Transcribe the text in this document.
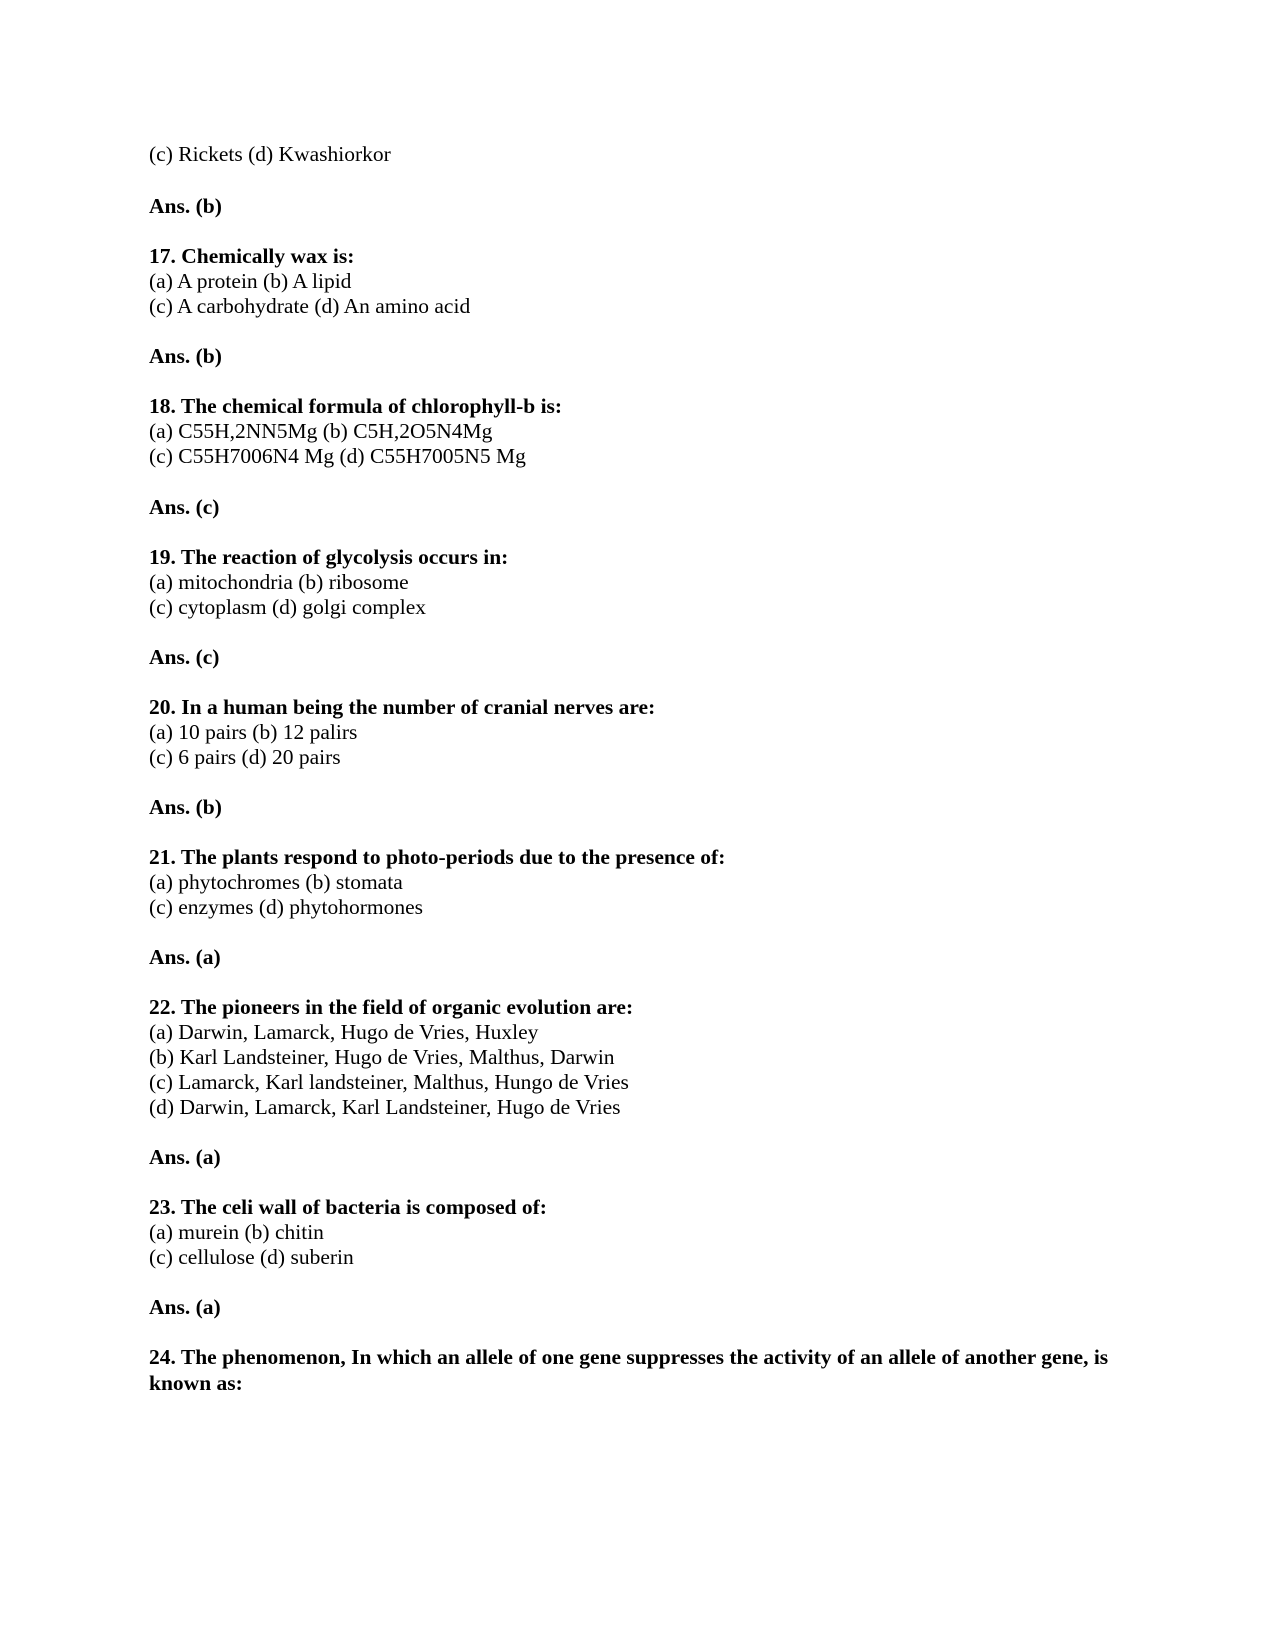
(c) Rickets (d) Kwashiorkor
Ans. (b)
17. Chemically wax is:
(a) A protein (b) A lipid
(c) A carbohydrate (d) An amino acid
Ans. (b)
18. The chemical formula of chlorophyll-b is:
(a) C55H,2NN5Mg (b) C5H,2O5N4Mg
(c) C55H7006N4 Mg (d) C55H7005N5 Mg
Ans. (c)
19. The reaction of glycolysis occurs in:
(a) mitochondria (b) ribosome
(c) cytoplasm (d) golgi complex
Ans. (c)
20. In a human being the number of cranial nerves are:
(a) 10 pairs (b) 12 palirs
(c) 6 pairs (d) 20 pairs
Ans. (b)
21. The plants respond to photo-periods due to the presence of:
(a) phytochromes (b) stomata
(c) enzymes (d) phytohormones
Ans. (a)
22. The pioneers in the field of organic evolution are:
(a) Darwin, Lamarck, Hugo de Vries, Huxley
(b) Karl Landsteiner, Hugo de Vries, Malthus, Darwin
(c) Lamarck, Karl landsteiner, Malthus, Hungo de Vries
(d) Darwin, Lamarck, Karl Landsteiner, Hugo de Vries
Ans. (a)
23. The celi wall of bacteria is composed of:
(a) murein (b) chitin
(c) cellulose (d) suberin
Ans. (a)
24. The phenomenon, In which an allele of one gene suppresses the activity of an allele of another gene, is known as:
